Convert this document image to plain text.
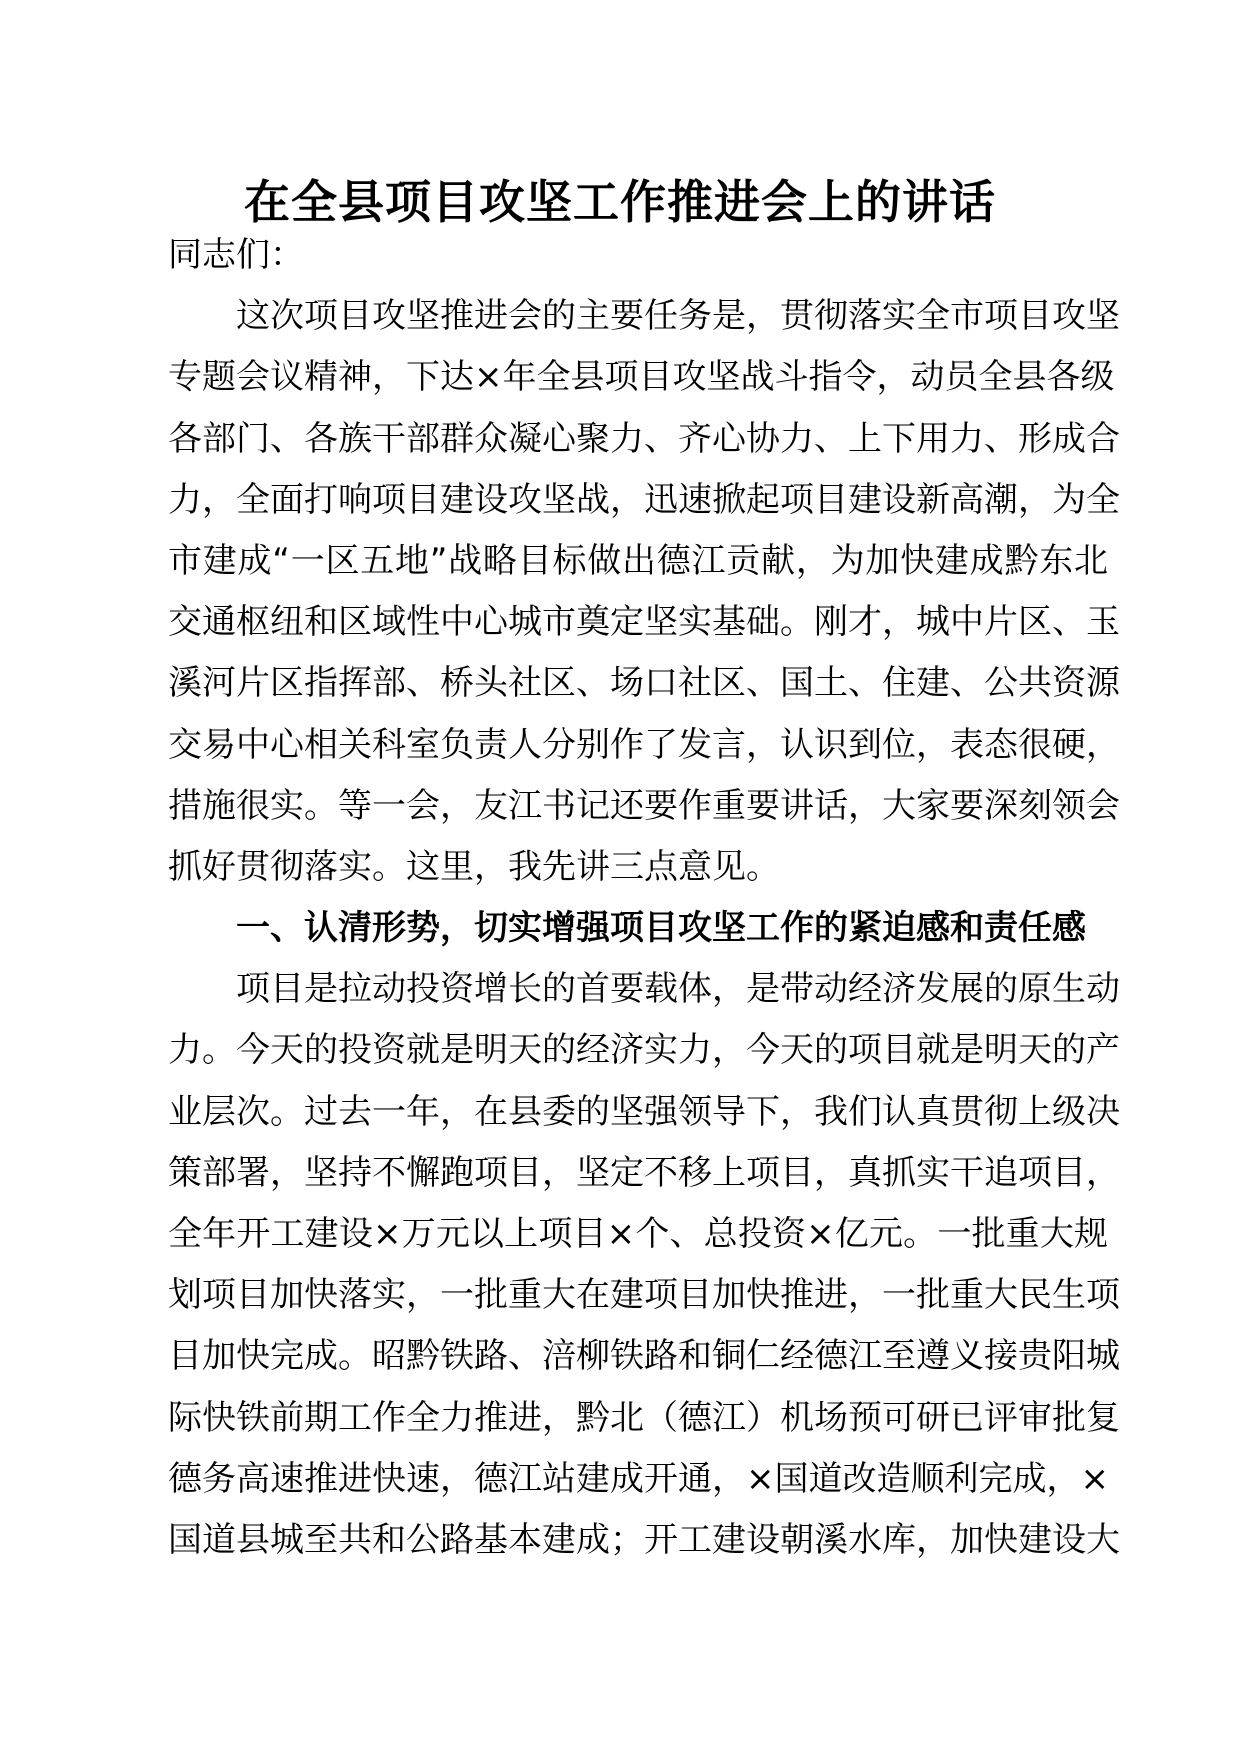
在全县项目攻坚工作推进会上的讲话
同志们：
这次项目攻坚推进会的主要任务是，贯彻落实全市项目攻坚
专题会议精神，下达×年全县项目攻坚战斗指令，动员全县各级
各部门、各族干部群众凝心聚力、齐心协力、上下用力、形成合
力，全面打响项目建设攻坚战，迅速掀起项目建设新高潮，为全
市建成“一区五地”战略目标做出德江贡献，为加快建成黔东北
交通枢纽和区域性中心城市奠定坚实基础。刚才，城中片区、玉
溪河片区指挥部、桥头社区、场口社区、国土、住建、公共资源
交易中心相关科室负责人分别作了发言，认识到位，表态很硬，
措施很实。等一会，友江书记还要作重要讲话，大家要深刻领会
抓好贯彻落实。这里，我先讲三点意见。
一、认清形势，切实增强项目攻坚工作的紧迫感和责任感
项目是拉动投资增长的首要载体，是带动经济发展的原生动
力。今天的投资就是明天的经济实力，今天的项目就是明天的产
业层次。过去一年，在县委的坚强领导下，我们认真贯彻上级决
策部署，坚持不懈跑项目，坚定不移上项目，真抓实干追项目，
全年开工建设×万元以上项目×个、总投资×亿元。一批重大规
划项目加快落实，一批重大在建项目加快推进，一批重大民生项
目加快完成。昭黔铁路、涪柳铁路和铜仁经德江至遵义接贵阳城
际快铁前期工作全力推进，黔北（德江）机场预可研已评审批复
德务高速推进快速，德江站建成开通，×国道改造顺利完成，×
国道县城至共和公路基本建成；开工建设朝溪水库，加快建设大
